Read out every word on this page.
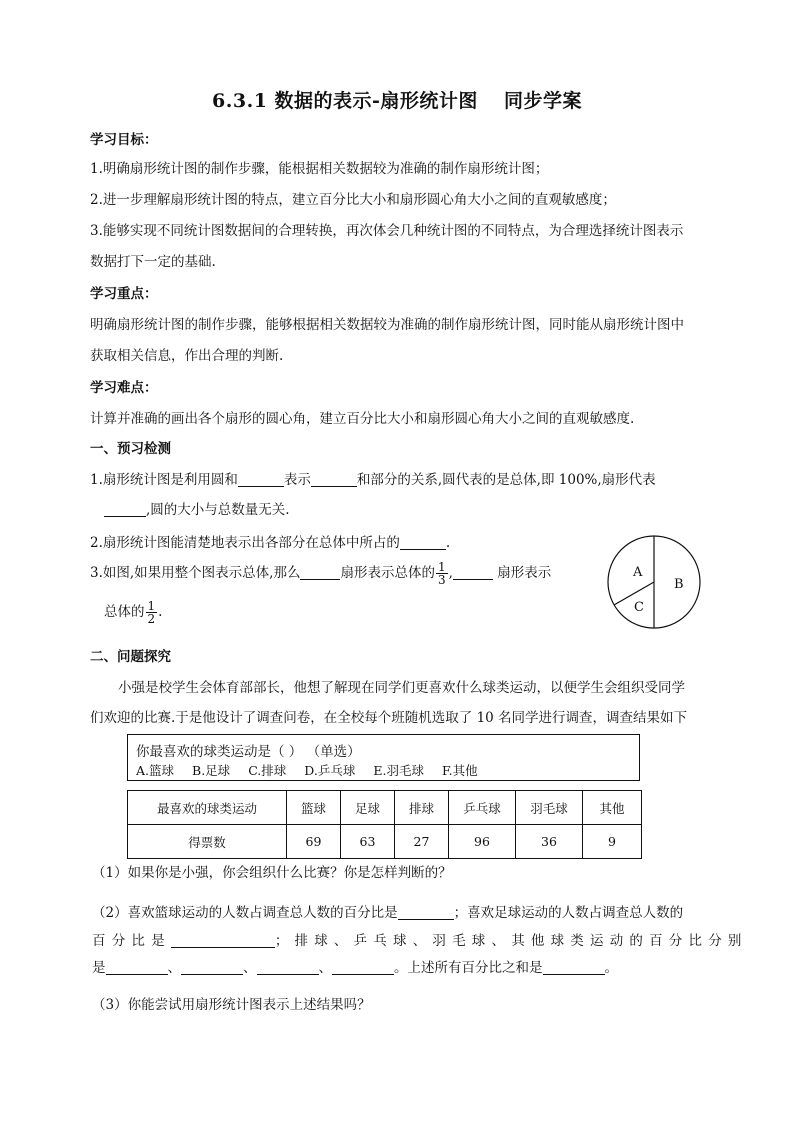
6.3.1 数据的表示-扇形统计图 同步学案
学习目标：
1.明确扇形统计图的制作步骤，能根据相关数据较为准确的制作扇形统计图；
2.进一步理解扇形统计图的特点，建立百分比大小和扇形圆心角大小之间的直观敏感度；
3.能够实现不同统计图数据间的合理转换，再次体会几种统计图的不同特点，为合理选择统计图表示
数据打下一定的基础.
学习重点：
明确扇形统计图的制作步骤，能够根据相关数据较为准确的制作扇形统计图，同时能从扇形统计图中
获取相关信息，作出合理的判断.
学习难点：
计算并准确的画出各个扇形的圆心角，建立百分比大小和扇形圆心角大小之间的直观敏感度.
一、预习检测
1.扇形统计图是利用圆和	表示	和部分的关系,圆代表的是总体,即 100%,扇形代表
,圆的大小与总数量无关.
2.扇形统计图能清楚地表示出各部分在总体中所占的	.
3.如图,如果用整个图表示总体,那么	扇形表示总体的 $\frac{1}{3}$ ,	扇形表示
总体的 $\frac{1}{2}$ .
A
B
C
二、问题探究
小强是校学生会体育部部长，他想了解现在同学们更喜欢什么球类运动，以便学生会组织受同学
们欢迎的比赛.于是他设计了调查问卷，在全校每个班随机选取了 10 名同学进行调查，调查结果如下
你最喜欢的球类运动是（ ） （单选）
A.篮球 B.足球 C.排球 D.乒乓球 E.羽毛球 F.其他
最喜欢的球类运动	篮球	足球	排球	乒乓球	羽毛球	其他
得票数	69	63	27	96	36	9
（1）如果你是小强，你会组织什么比赛？你是怎样判断的？
（2）喜欢篮球运动的人数占调查总人数的百分比是	；喜欢足球运动的人数占调查总人数的
百分比是	；排球、乒乓球、羽毛球、其他球类运动的百分比分别
是	、	、	、	。上述所有百分比之和是	。
（3）你能尝试用扇形统计图表示上述结果吗？
